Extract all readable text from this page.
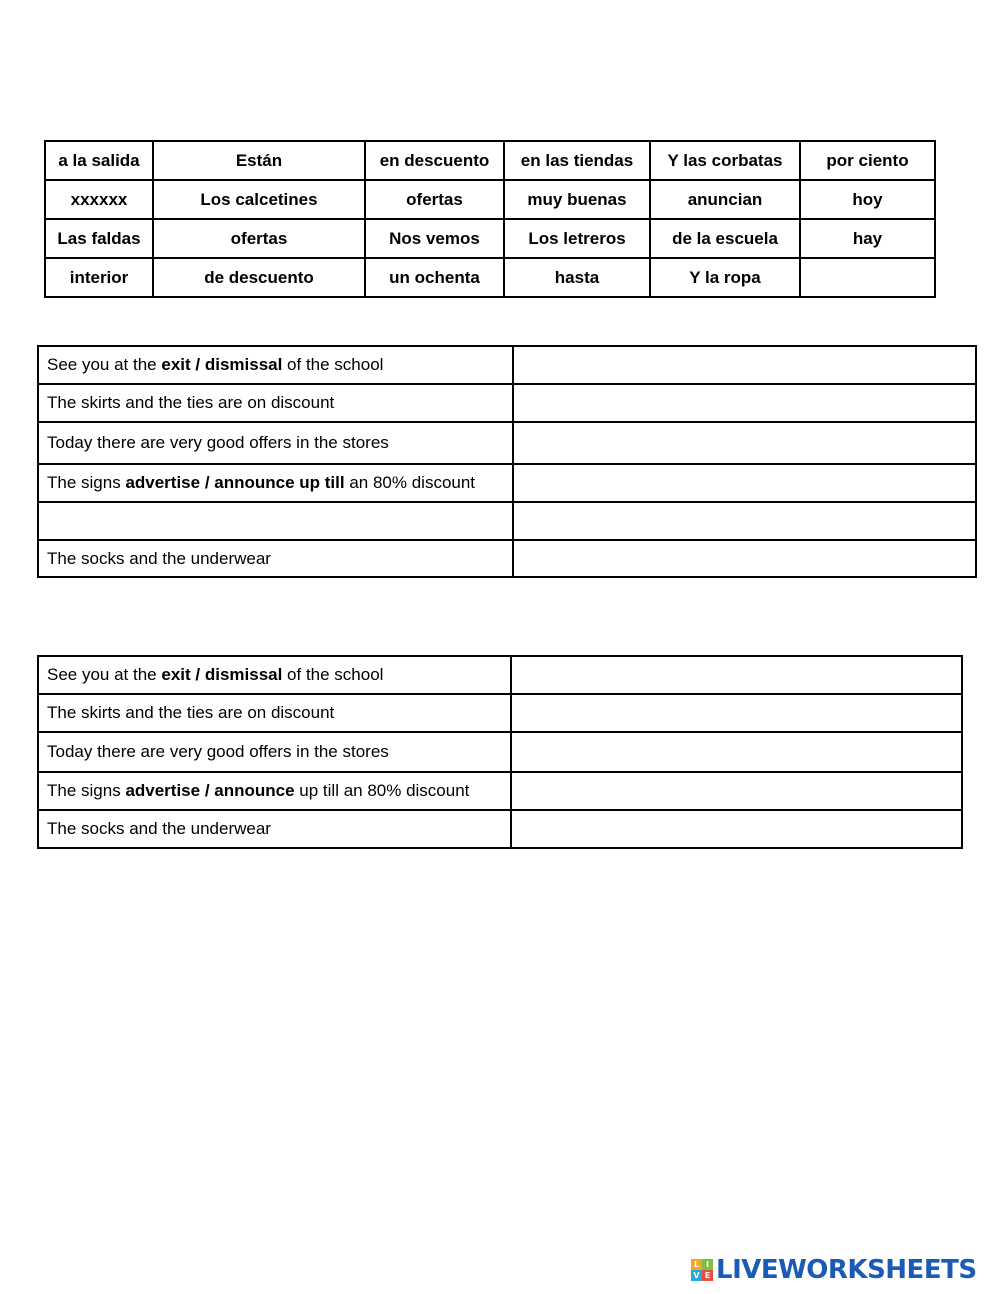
a la salida	Están	en descuento	en las tiendas	Y las corbatas	por ciento
xxxxxx	Los calcetines	ofertas	muy buenas	anuncian	hoy
Las faldas	ofertas	Nos vemos	Los letreros	de la escuela	hay
interior	de descuento	un ochenta	hasta	Y la ropa	
See you at the exit / dismissal of the school	

The skirts and the ties are on discount	

Today there are very good offers in the stores	

The signs advertise / announce up till an 80% discount	

The socks and the underwear	
See you at the exit / dismissal of the school	

The skirts and the ties are on discount	

Today there are very good offers in the stores	

The signs advertise / announce up till an 80% discount	

The socks and the underwear	
L I
V E LIVEWORKSHEETS
